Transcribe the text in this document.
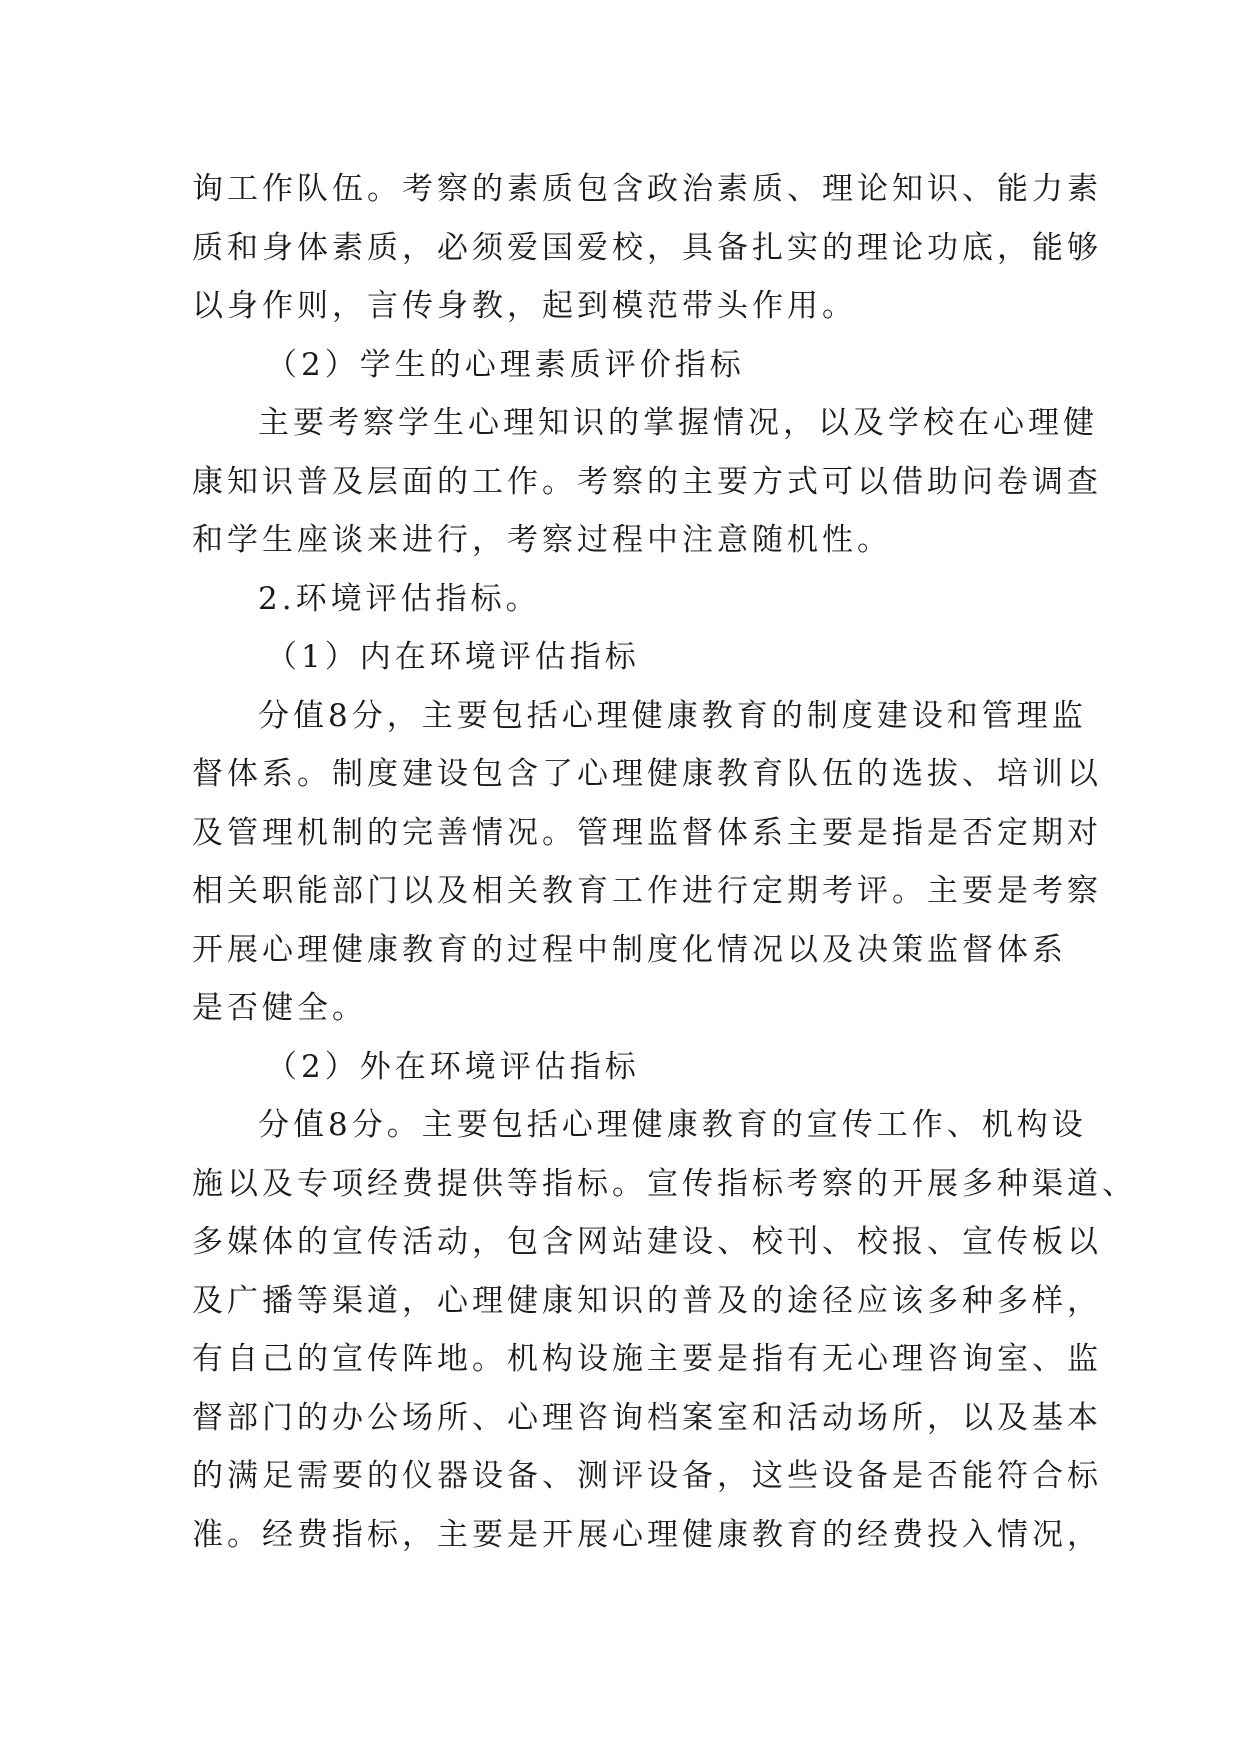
询工作队伍。考察的素质包含政治素质、理论知识、能力素
质和身体素质，必须爱国爱校，具备扎实的理论功底，能够
以身作则，言传身教，起到模范带头作用。
（2）学生的心理素质评价指标
主要考察学生心理知识的掌握情况，以及学校在心理健
康知识普及层面的工作。考察的主要方式可以借助问卷调查
和学生座谈来进行，考察过程中注意随机性。
2.环境评估指标。
（1）内在环境评估指标
分值8分，主要包括心理健康教育的制度建设和管理监
督体系。制度建设包含了心理健康教育队伍的选拔、培训以
及管理机制的完善情况。管理监督体系主要是指是否定期对
相关职能部门以及相关教育工作进行定期考评。主要是考察
开展心理健康教育的过程中制度化情况以及决策监督体系
是否健全。
（2）外在环境评估指标
分值8分。主要包括心理健康教育的宣传工作、机构设
施以及专项经费提供等指标。宣传指标考察的开展多种渠道、
多媒体的宣传活动，包含网站建设、校刊、校报、宣传板以
及广播等渠道，心理健康知识的普及的途径应该多种多样，
有自己的宣传阵地。机构设施主要是指有无心理咨询室、监
督部门的办公场所、心理咨询档案室和活动场所，以及基本
的满足需要的仪器设备、测评设备，这些设备是否能符合标
准。经费指标，主要是开展心理健康教育的经费投入情况，
